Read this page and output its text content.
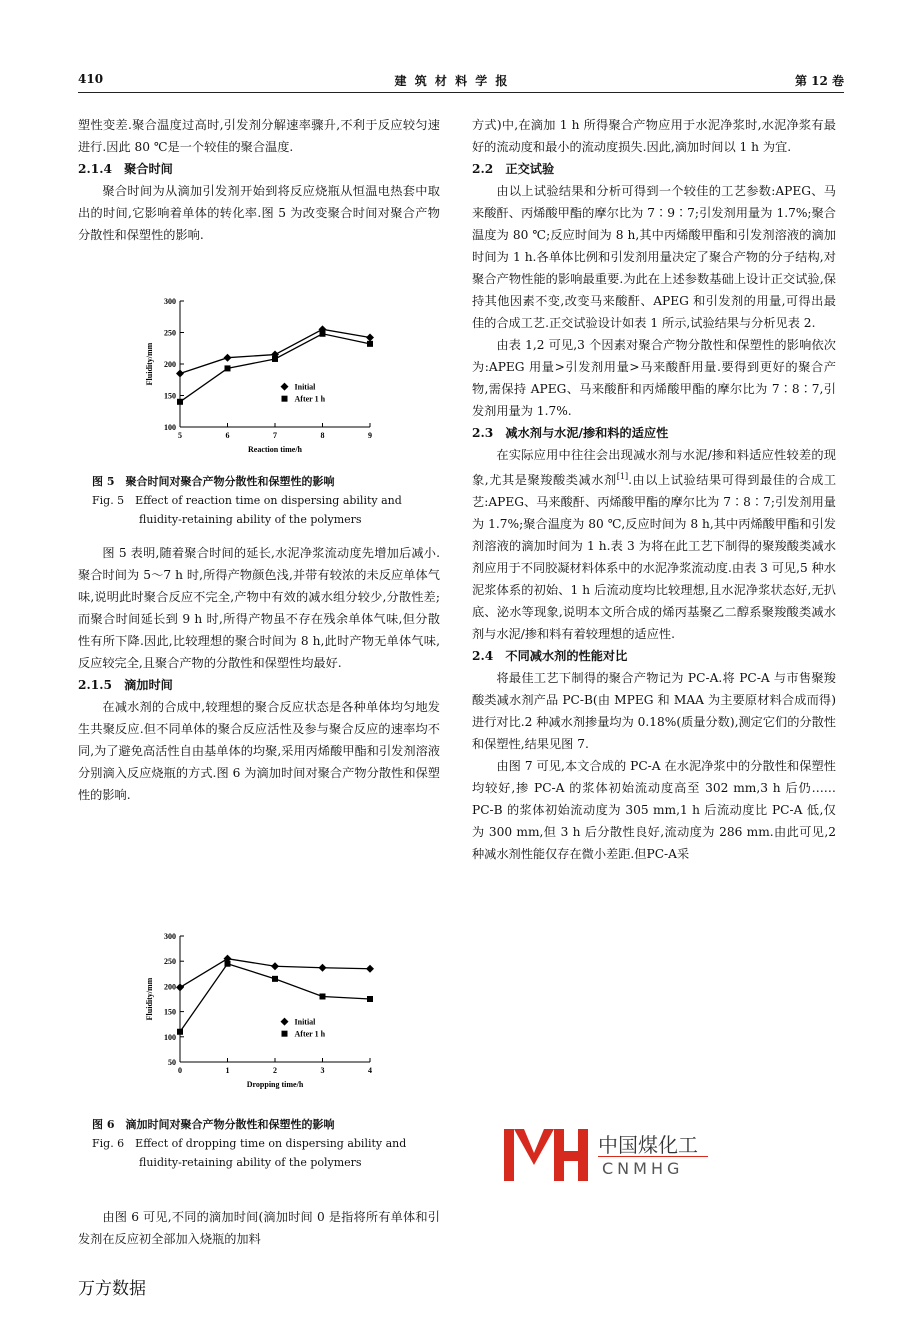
410	建 筑 材 料 学 报	第 12 卷

塑性变差.聚合温度过高时,引发剂分解速率骤升,不利于反应较匀速进行.因此 80 ℃是一个较佳的聚合温度.

2.1.4　聚合时间

聚合时间为从滴加引发剂开始到将反应烧瓶从恒温电热套中取出的时间,它影响着单体的转化率.图 5 为改变聚合时间对聚合产物分散性和保塑性的影响.

100
150
200
250
300
5	6	7	8	9
Reaction time/h
Fluidity/mm
Initial
After 1 h
图 5　聚合时间对聚合产物分散性和保塑性的影响
Fig. 5　Effect of reaction time on dispersing ability and
fluidity-retaining ability of the polymers

图 5 表明,随着聚合时间的延长,水泥净浆流动度先增加后减小.聚合时间为 5～7 h 时,所得产物颜色浅,并带有较浓的未反应单体气味,说明此时聚合反应不完全,产物中有效的减水组分较少,分散性差;而聚合时间延长到 9 h 时,所得产物虽不存在残余单体气味,但分散性有所下降.因此,比较理想的聚合时间为 8 h,此时产物无单体气味,反应较完全,且聚合产物的分散性和保塑性均最好.

2.1.5　滴加时间

在减水剂的合成中,较理想的聚合反应状态是各种单体均匀地发生共聚反应.但不同单体的聚合反应活性及参与聚合反应的速率均不同,为了避免高活性自由基单体的均聚,采用丙烯酸甲酯和引发剂溶液分别滴入反应烧瓶的方式.图 6 为滴加时间对聚合产物分散性和保塑性的影响.

50
100
150
200
250
300
0	1	2	3	4
Dropping time/h
Fluidity/mm
Initial
After 1 h
图 6　滴加时间对聚合产物分散性和保塑性的影响
Fig. 6　Effect of dropping time on dispersing ability and
fluidity-retaining ability of the polymers

由图 6 可见,不同的滴加时间(滴加时间 0 是指将所有单体和引发剂在反应初全部加入烧瓶的加料

方式)中,在滴加 1 h 所得聚合产物应用于水泥净浆时,水泥净浆有最好的流动度和最小的流动度损失.因此,滴加时间以 1 h 为宜.

2.2　正交试验

由以上试验结果和分析可得到一个较佳的工艺参数:APEG、马来酸酐、丙烯酸甲酯的摩尔比为 7∶9∶7;引发剂用量为 1.7%;聚合温度为 80 ℃;反应时间为 8 h,其中丙烯酸甲酯和引发剂溶液的滴加时间为 1 h.各单体比例和引发剂用量决定了聚合产物的分子结构,对聚合产物性能的影响最重要.为此在上述参数基础上设计正交试验,保持其他因素不变,改变马来酸酐、APEG 和引发剂的用量,可得出最佳的合成工艺.正交试验设计如表 1 所示,试验结果与分析见表 2.

由表 1,2 可见,3 个因素对聚合产物分散性和保塑性的影响依次为:APEG 用量>引发剂用量>马来酸酐用量.要得到更好的聚合产物,需保持 APEG、马来酸酐和丙烯酸甲酯的摩尔比为 7∶8∶7,引发剂用量为 1.7%.

2.3　减水剂与水泥/掺和料的适应性

在实际应用中往往会出现减水剂与水泥/掺和料适应性较差的现象,尤其是聚羧酸类减水剂[1].由以上试验结果可得到最佳的合成工艺:APEG、马来酸酐、丙烯酸甲酯的摩尔比为 7∶8∶7;引发剂用量为 1.7%;聚合温度为 80 ℃,反应时间为 8 h,其中丙烯酸甲酯和引发剂溶液的滴加时间为 1 h.表 3 为将在此工艺下制得的聚羧酸类减水剂应用于不同胶凝材料体系中的水泥净浆流动度.由表 3 可见,5 种水泥浆体系的初始、1 h 后流动度均比较理想,且水泥净浆状态好,无扒底、泌水等现象,说明本文所合成的烯丙基聚乙二醇系聚羧酸类减水剂与水泥/掺和料有着较理想的适应性.

2.4　不同减水剂的性能对比

将最佳工艺下制得的聚合产物记为 PC-A.将 PC-A 与市售聚羧酸类减水剂产品 PC-B(由 MPEG 和 MAA 为主要原材料合成而得)进行对比.2 种减水剂掺量均为 0.18%(质量分数),测定它们的分散性和保塑性,结果见图 7.

由图 7 可见,本文合成的 PC-A 在水泥净浆中的分散性和保塑性均较好,掺 PC-A 的浆体初始流动度高至 302 mm,3 h 后仍……PC-B 的浆体初始流动度为 305 mm,1 h 后流动度比 PC-A 低,仅为 300 mm,但 3 h 后分散性良好,流动度为 286 mm.由此可见,2种减水剂性能仅存在微小差距.但PC-A采

中国煤化工
CNMHG
万方数据
